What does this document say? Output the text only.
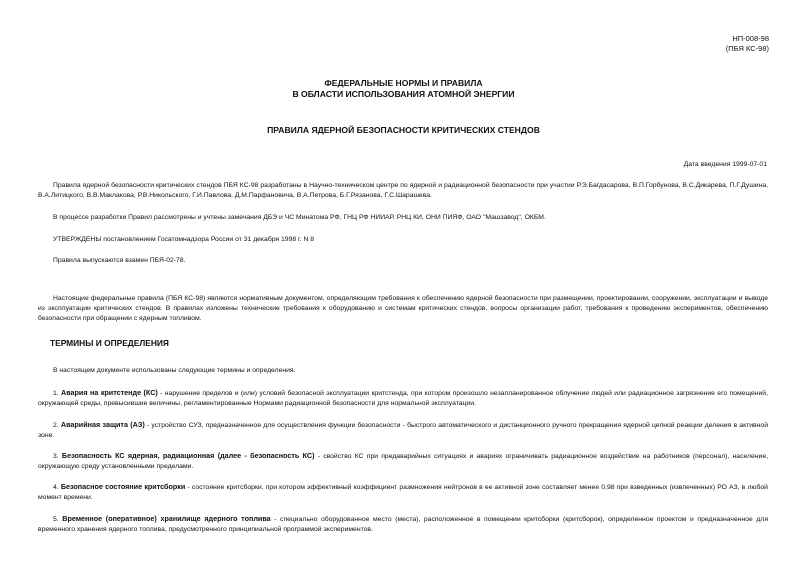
НП-008-98
(ПБЯ КС-98)
ФЕДЕРАЛЬНЫЕ НОРМЫ И ПРАВИЛА
В ОБЛАСТИ ИСПОЛЬЗОВАНИЯ АТОМНОЙ ЭНЕРГИИ
ПРАВИЛА ЯДЕРНОЙ БЕЗОПАСНОСТИ КРИТИЧЕСКИХ СТЕНДОВ
Дата введения 1999-07-01

Правила ядерной безопасности критических стендов ПБЯ КС-98 разработаны в Научно-техническом центре по ядерной и радиационной безопасности при участии Р.Э.Багдасарова, В.П.Горбунова, В.С.Дикарева, П.Г.Душина, В.А.Литицкого, В.В.Маклакова, Р.В.Никольского, Г.И.Павлова, Д.М.Парфановича, В.А.Петрова, Б.Г.Рязанова, Г.С.Шарашева.

В процессе разработки Правил рассмотрены и учтены замечания ДБЭ и ЧС Минатома РФ, ГНЦ РФ НИИАР, РНЦ КИ, ОНИ ПИЯФ, ОАО "Машзавод", ОКБМ.

УТВЕРЖДЕНЫ постановлением Госатомнадзора России от 31 декабря 1998 г. N 8

Правила выпускаются взамен ПБЯ-02-78.

Настоящие федеральные правила (ПБЯ КС-98) являются нормативным документом, определяющим требования к обеспечению ядерной безопасности при размещении, проектировании, сооружении, эксплуатации и выводе из эксплуатации критических стендов. В правилах изложены технические требования к оборудованию и системам критических стендов, вопросы организации работ, требования к проведению экспериментов, обеспечению безопасности при обращении с ядерным топливом.

ТЕРМИНЫ И ОПРЕДЕЛЕНИЯ

В настоящем документе использованы следующие термины и определения.

1. Авария на критстенде (КС) - нарушение пределов и (или) условий безопасной эксплуатации критстенда, при котором произошло незапланированное облучение людей или радиационное загрязнение его помещений, окружающей среды, превысившие величины, регламентированные Нормами радиационной безопасности для нормальной эксплуатации.

2. Аварийная защита (АЗ) - устройство СУЗ, предназначенное для осуществления функции безопасности - быстрого автоматического и дистанционного ручного прекращения ядерной цепной реакции деления в активной зоне.

3. Безопасность КС ядерная, радиационная (далее - безопасность КС) - свойство КС при предаварийных ситуациях и авариях ограничивать радиационное воздействие на работников (персонал), население, окружающую среду установленными пределами.

4. Безопасное состояние критсборки - состояние критсборки, при котором эффективный коэффициент размножения нейтронов в ее активной зоне составляет менее 0,98 при взведенных (извлеченных) РО АЗ, в любой момент времени.

5. Временное (оперативное) хранилище ядерного топлива - специально оборудованное место (места), расположенное в помещении критсборки (критсборок), определенное проектом и предназначенное для временного хранения ядерного топлива, предусмотренного принципиальной программой экспериментов.
